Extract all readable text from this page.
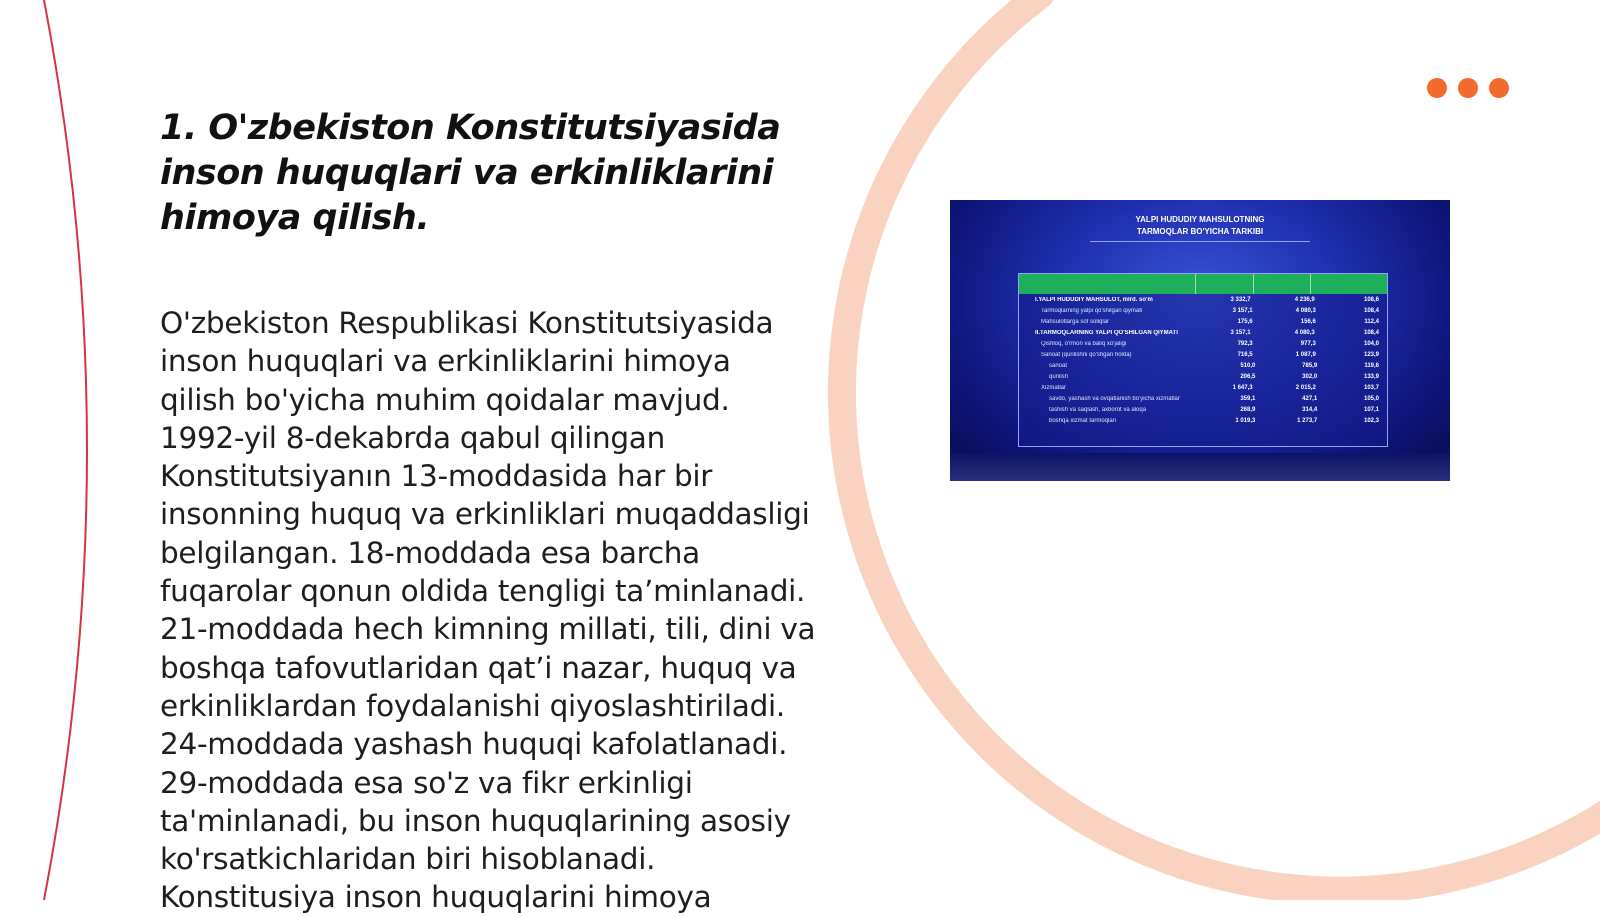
1. O'zbekiston Konstitutsiyasida inson huquqlari va erkinliklarini himoya qilish.
O'zbekiston Respublikasi Konstitutsiyasida
inson huquqlari va erkinliklarini himoya
qilish bo'yicha muhim qoidalar mavjud.
1992-yil 8-dekabrda qabul qilingan
Konstitutsiyanın 13-moddasida har bir
insonning huquq va erkinliklari muqaddasligi
belgilangan. 18-moddada esa barcha
fuqarolar qonun oldida tengligi ta’minlanadi.
21-moddada hech kimning millati, tili, dini va
boshqa tafovutlaridan qat’i nazar, huquq va
erkinliklardan foydalanishi qiyoslashtiriladi.
24-moddada yashash huquqi kafolatlanadi.
29-moddada esa so'z va fikr erkinligi
ta'minlanadi, bu inson huquqlarining asosiy
ko'rsatkichlaridan biri hisoblanadi.
Konstitusiya inson huquqlarini himoya
YALPI HUDUDIY MAHSULOTNING
TARMOQLAR BO'YICHA TARKIBI
I.YALPI HUDUDIY MAHSULOT, mlrd. so'm	3 332,7	4 236,9	108,6
Tarmoqlarning yalpi qo'shilgan qiymati	3 157,1	4 080,3	108,4
Mahsulotlarga sof soliqlar	175,6	156,6	112,4
II.TARMOQLARNING YALPI QO'SHILGAN QIYMATI	3 157,1	4 080,3	108,4
Qishloq, o'rmon va baliq xo'jaligi	792,3	977,3	104,0
Sanoat (qurilishni qo'shgan holda)	716,5	1 087,9	123,9
sanoat	510,0	785,9	119,6
qurilish	206,5	302,0	133,9
Xizmatlar	1 647,3	2 015,2	103,7
savdo, yashash va ovqatlanish bo'yicha xizmatlar	359,1	427,1	105,0
tashish va saqlash, axborot va aloqa	268,9	314,4	107,1
boshqa xizmat tarmoqlari	1 019,3	1 273,7	102,3
